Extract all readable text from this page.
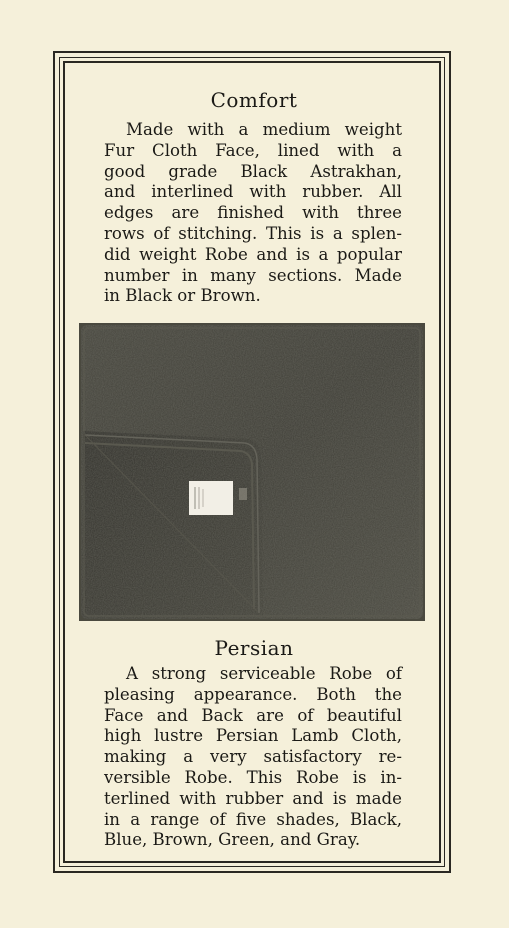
Comfort

Made with a medium weight
Fur Cloth Face, lined with a
good grade Black Astrakhan,
and interlined with rubber. All
edges are finished with three
rows of stitching. This is a splen-
did weight Robe and is a popular
number in many sections. Made
in Black or Brown.

Persian

A strong serviceable Robe of
pleasing appearance. Both the
Face and Back are of beautiful
high lustre Persian Lamb Cloth,
making a very satisfactory re-
versible Robe. This Robe is in-
terlined with rubber and is made
in a range of five shades, Black,
Blue, Brown, Green, and Gray.
